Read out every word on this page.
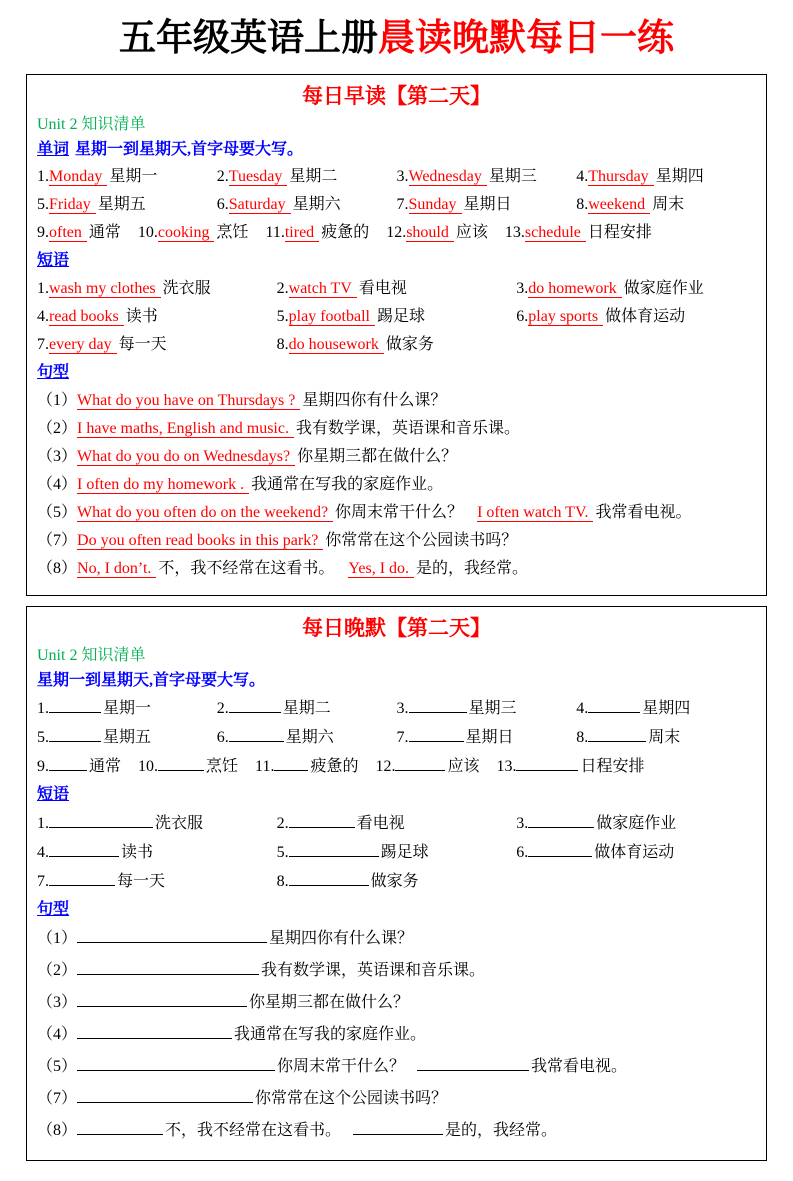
五年级英语上册晨读晚默每日一练
每日早读【第二天】
Unit 2 知识清单
单词 星期一到星期天,首字母要大写。
1.Monday 星期一	2.Tuesday 星期二	3.Wednesday 星期三	4.Thursday 星期四
5.Friday 星期五	6.Saturday 星期六	7.Sunday 星期日	8.weekend 周末
9.often 通常 10.cooking 烹饪 11.tired 疲惫的 12.should 应该 13.schedule 日程安排
短语
1.wash my clothes 洗衣服	2.watch TV 看电视	3.do homework 做家庭作业
4.read books 读书	5.play football 踢足球	6.play sports 做体育运动
7.every day 每一天	8.do housework 做家务
句型
（1）What do you have on Thursdays ? 星期四你有什么课？
（2）I have maths, English and music. 我有数学课，英语课和音乐课。
（3）What do you do on Wednesdays? 你星期三都在做什么？
（4）I often do my homework . 我通常在写我的家庭作业。
（5）What do you often do on the weekend? 你周末常干什么？ I often watch TV. 我常看电视。
（7）Do you often read books in this park? 你常常在这个公园读书吗？
（8）No, I don’t. 不，我不经常在这看书。 Yes, I do. 是的，我经常。
每日晚默【第二天】
Unit 2 知识清单
星期一到星期天,首字母要大写。
1.	星期一	2.	星期二	3.	星期三	4.	星期四
5.	星期五	6.	星期六	7.	星期日	8.	周末
9.	通常 10.	烹饪 11. 疲惫的 12.	应该 13.	日程安排
短语
1.	洗衣服	2.	看电视	3.	做家庭作业
4.	读书	5.	踢足球	6.	做体育运动
7.	每一天	8.	做家务
句型
（1）	星期四你有什么课？
（2）	我有数学课，英语课和音乐课。
（3）	你星期三都在做什么？
（4）	我通常在写我的家庭作业。
（5）	你周末常干什么？	我常看电视。
（7）	你常常在这个公园读书吗？
（8）	不，我不经常在这看书。	是的，我经常。
